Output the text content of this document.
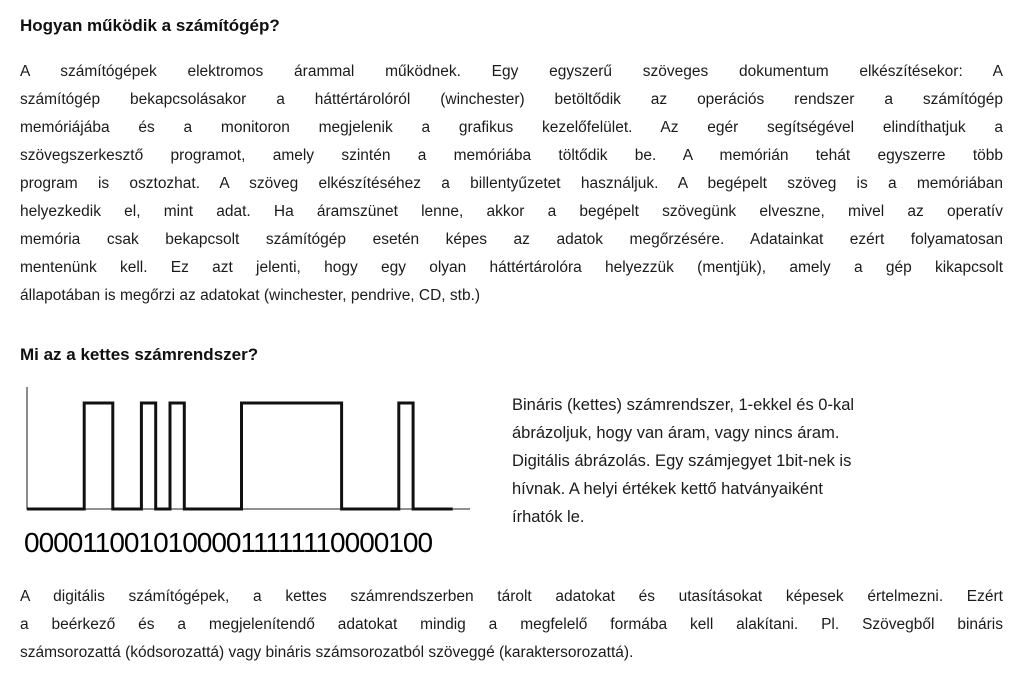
Hogyan működik a számítógép?
A számítógépek elektromos árammal működnek. Egy egyszerű szöveges dokumentum elkészítésekor: A
számítógép bekapcsolásakor a háttértárolóról (winchester) betöltődik az operációs rendszer a számítógép
memóriájába és a monitoron megjelenik a grafikus kezelőfelület. Az egér segítségével elindíthatjuk a
szövegszerkesztő programot, amely szintén a memóriába töltődik be. A memórián tehát egyszerre több
program is osztozhat. A szöveg elkészítéséhez a billentyűzetet használjuk. A begépelt szöveg is a memóriában
helyezkedik el, mint adat. Ha áramszünet lenne, akkor a begépelt szövegünk elveszne, mivel az operatív
memória csak bekapcsolt számítógép esetén képes az adatok megőrzésére. Adatainkat ezért folyamatosan
mentenünk kell. Ez azt jelenti, hogy egy olyan háttértárolóra helyezzük (mentjük), amely a gép kikapcsolt
állapotában is megőrzi az adatokat (winchester, pendrive, CD, stb.)
Mi az a kettes számrendszer?
00001100101000011111110000100
Bináris (kettes) számrendszer, 1-ekkel és 0-kal
ábrázoljuk, hogy van áram, vagy nincs áram.
Digitális ábrázolás. Egy számjegyet 1bit-nek is
hívnak. A helyi értékek kettő hatványaiként
írhatók le.
A digitális számítógépek, a kettes számrendszerben tárolt adatokat és utasításokat képesek értelmezni. Ezért
a beérkező és a megjelenítendő adatokat mindig a megfelelő formába kell alakítani. Pl. Szövegből bináris
számsorozattá (kódsorozattá) vagy bináris számsorozatból szöveggé (karaktersorozattá).
